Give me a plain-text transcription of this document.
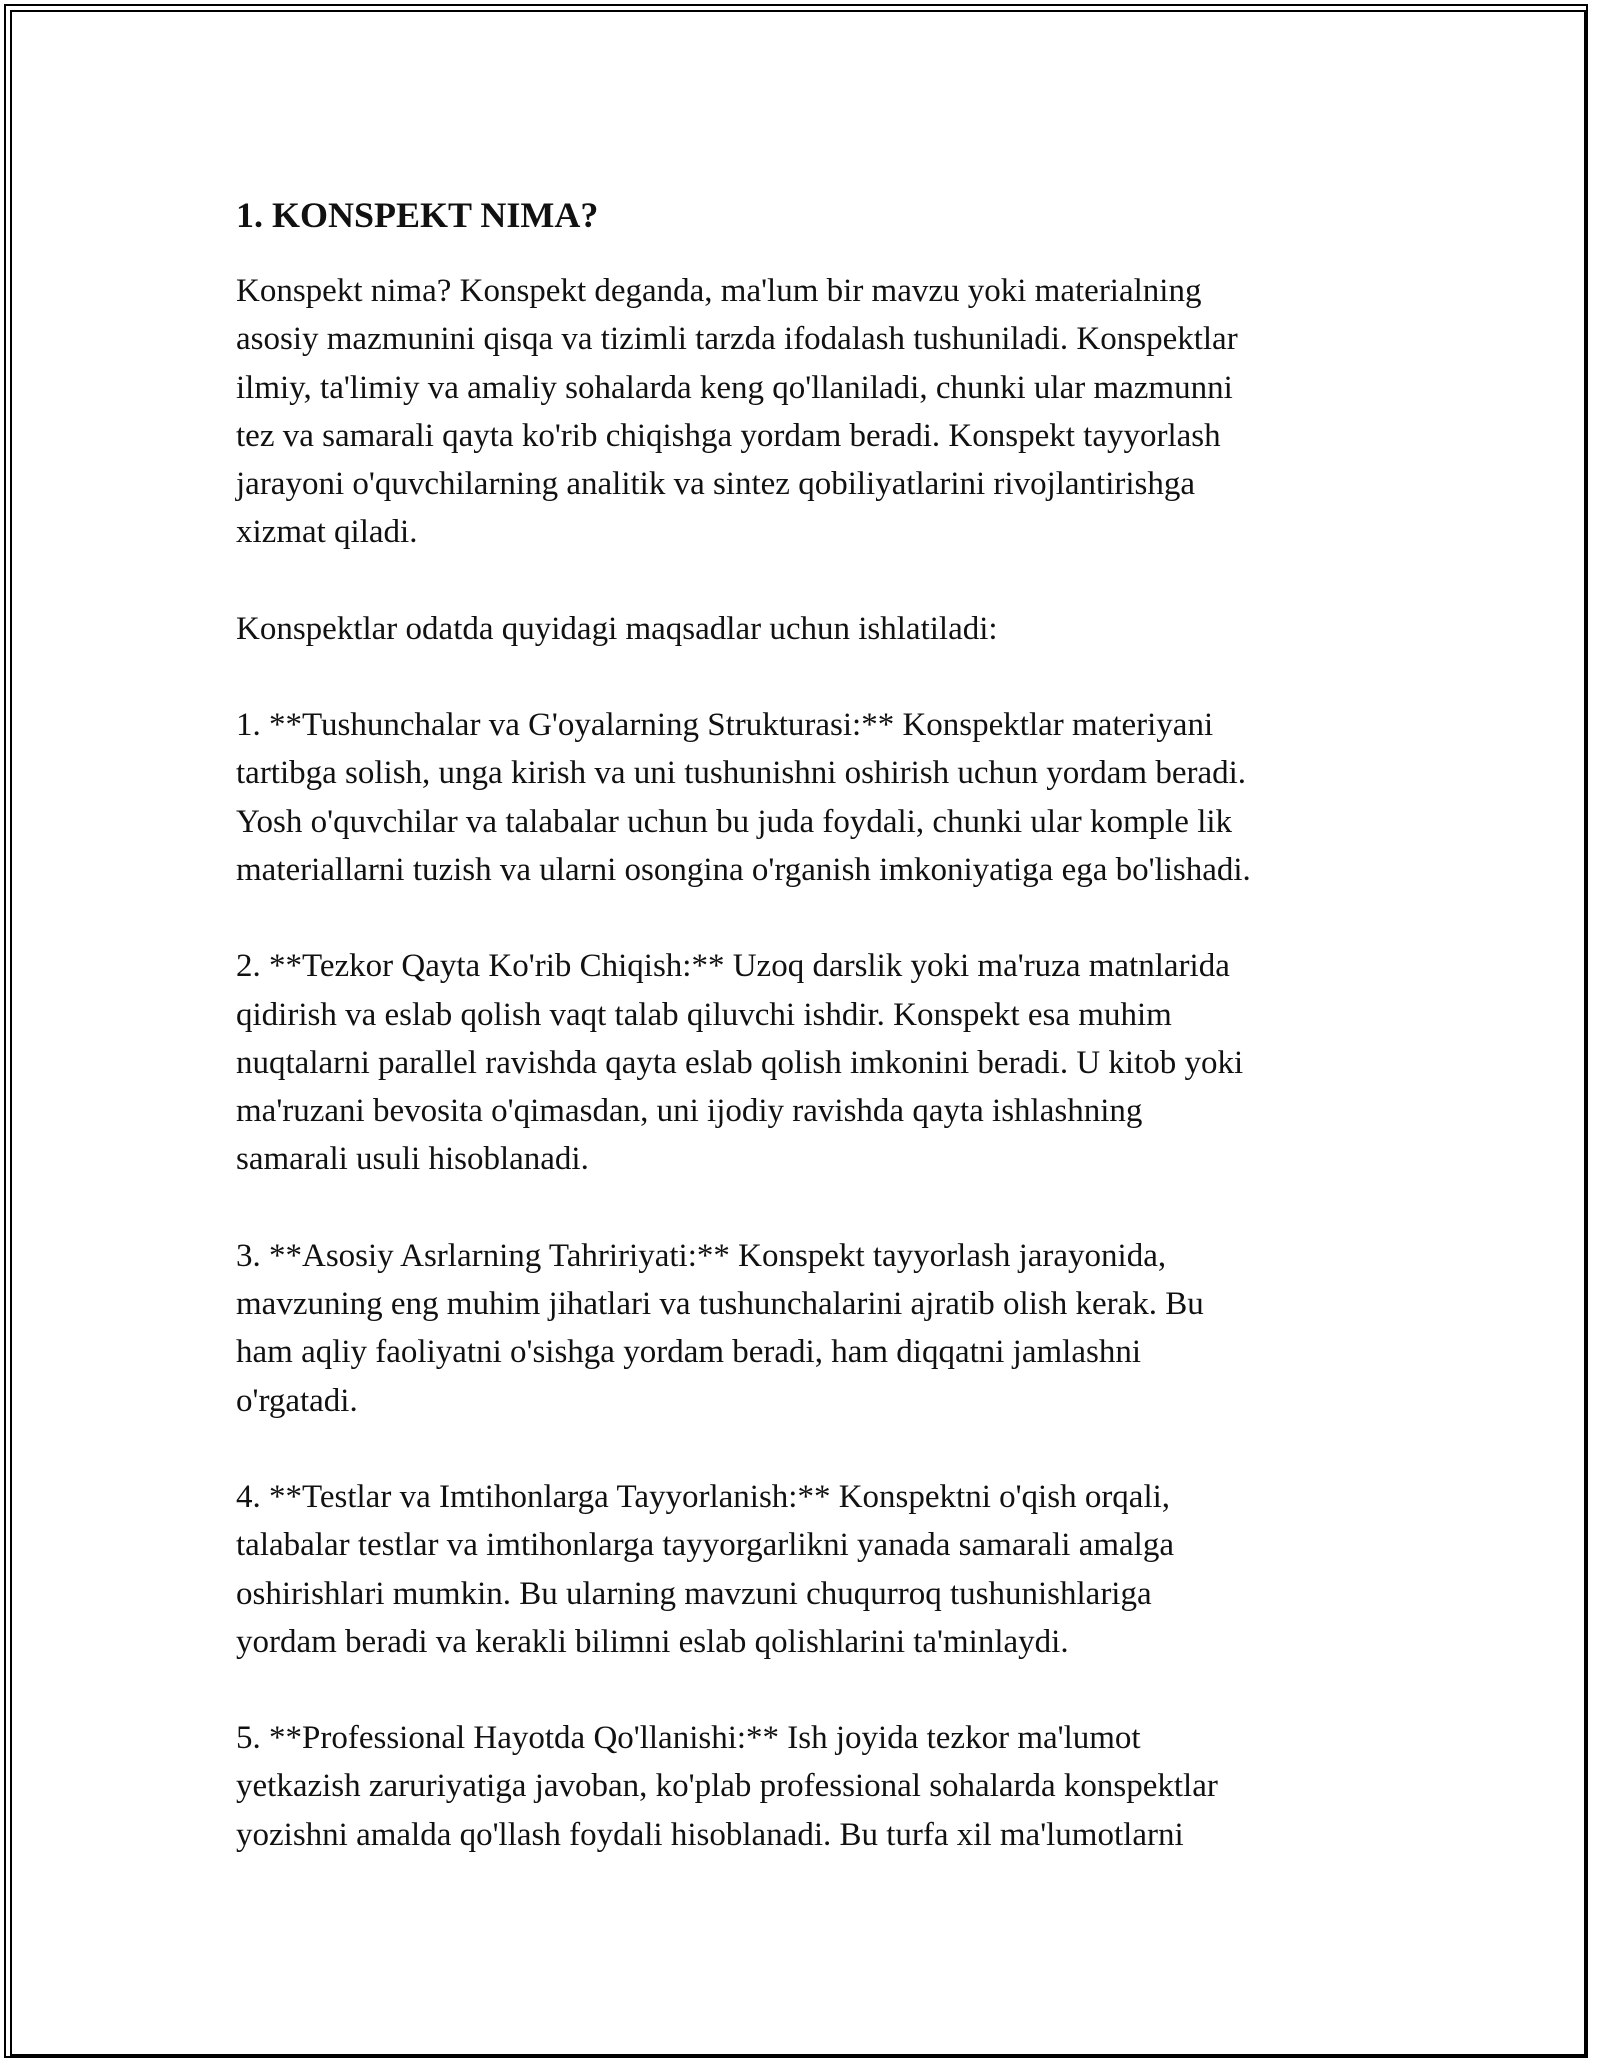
1. KONSPEKT NIMA?

Konspekt nima? Konspekt deganda, ma'lum bir mavzu yoki materialning
asosiy mazmunini qisqa va tizimli tarzda ifodalash tushuniladi. Konspektlar
ilmiy, ta'limiy va amaliy sohalarda keng qo'llaniladi, chunki ular mazmunni
tez va samarali qayta ko'rib chiqishga yordam beradi. Konspekt tayyorlash
jarayoni o'quvchilarning analitik va sintez qobiliyatlarini rivojlantirishga
xizmat qiladi.

Konspektlar odatda quyidagi maqsadlar uchun ishlatiladi:

1. **Tushunchalar va G'oyalarning Strukturasi:** Konspektlar materiyani
tartibga solish, unga kirish va uni tushunishni oshirish uchun yordam beradi.
Yosh o'quvchilar va talabalar uchun bu juda foydali, chunki ular komple lik
materiallarni tuzish va ularni osongina o'rganish imkoniyatiga ega bo'lishadi.

2. **Tezkor Qayta Ko'rib Chiqish:** Uzoq darslik yoki ma'ruza matnlarida
qidirish va eslab qolish vaqt talab qiluvchi ishdir. Konspekt esa muhim
nuqtalarni parallel ravishda qayta eslab qolish imkonini beradi. U kitob yoki
ma'ruzani bevosita o'qimasdan, uni ijodiy ravishda qayta ishlashning
samarali usuli hisoblanadi.

3. **Asosiy Asrlarning Tahririyati:** Konspekt tayyorlash jarayonida,
mavzuning eng muhim jihatlari va tushunchalarini ajratib olish kerak. Bu
ham aqliy faoliyatni o'sishga yordam beradi, ham diqqatni jamlashni
o'rgatadi.

4. **Testlar va Imtihonlarga Tayyorlanish:** Konspektni o'qish orqali,
talabalar testlar va imtihonlarga tayyorgarlikni yanada samarali amalga
oshirishlari mumkin. Bu ularning mavzuni chuqurroq tushunishlariga
yordam beradi va kerakli bilimni eslab qolishlarini ta'minlaydi.

5. **Professional Hayotda Qo'llanishi:** Ish joyida tezkor ma'lumot
yetkazish zaruriyatiga javoban, ko'plab professional sohalarda konspektlar
yozishni amalda qo'llash foydali hisoblanadi. Bu turfa xil ma'lumotlarni
